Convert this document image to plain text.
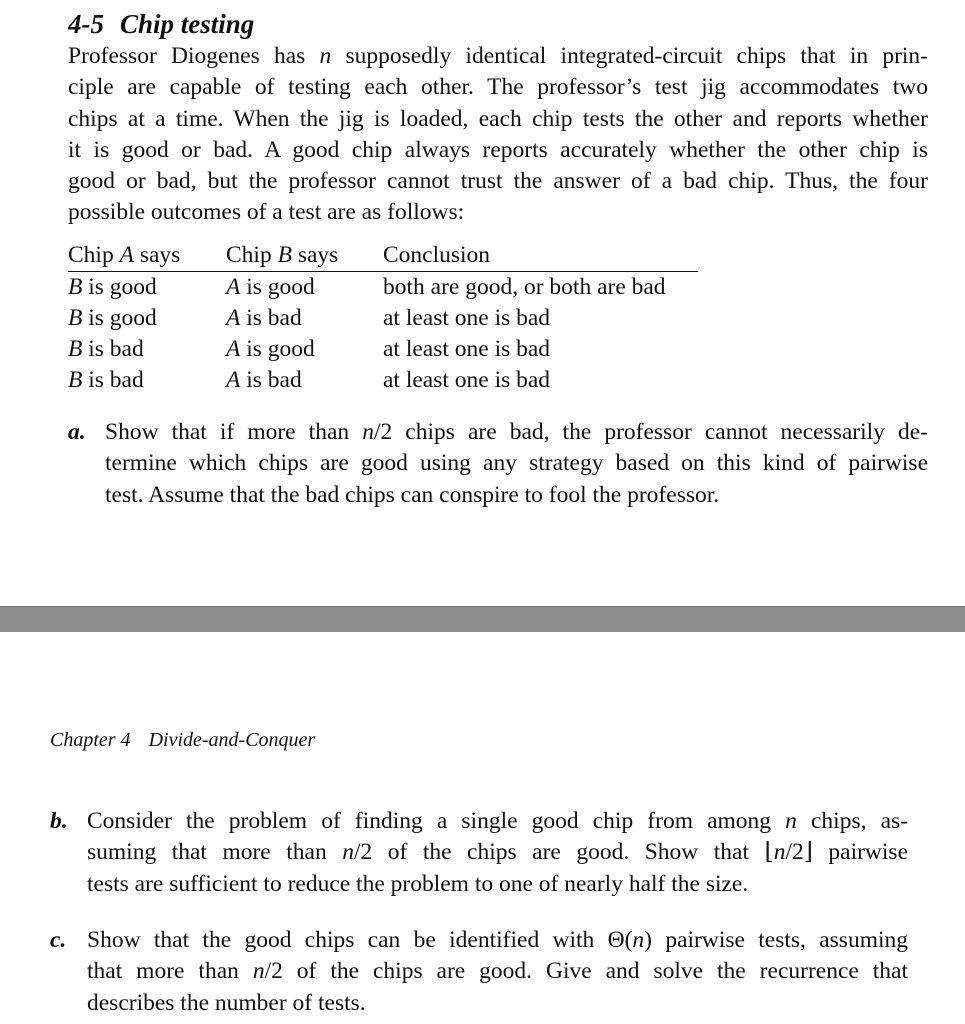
4-5 Chip testing

Professor Diogenes has n supposedly identical integrated-circuit chips that in prin-
ciple are capable of testing each other. The professor’s test jig accommodates two
chips at a time. When the jig is loaded, each chip tests the other and reports whether
it is good or bad. A good chip always reports accurately whether the other chip is
good or bad, but the professor cannot trust the answer of a bad chip. Thus, the four
possible outcomes of a test are as follows:

Chip A says	Chip B says	Conclusion
B is good	A is good	both are good, or both are bad
B is good	A is bad	at least one is bad
B is bad	A is good	at least one is bad
B is bad	A is bad	at least one is bad
a. Show that if more than n/2 chips are bad, the professor cannot necessarily de-
termine which chips are good using any strategy based on this kind of pairwise
test. Assume that the bad chips can conspire to fool the professor.

Chapter 4 Divide-and-Conquer

b. Consider the problem of finding a single good chip from among n chips, as-
suming that more than n/2 of the chips are good. Show that ⌊n/2⌋ pairwise
tests are sufficient to reduce the problem to one of nearly half the size.
c. Show that the good chips can be identified with Θ(n) pairwise tests, assuming
that more than n/2 of the chips are good. Give and solve the recurrence that
describes the number of tests.
